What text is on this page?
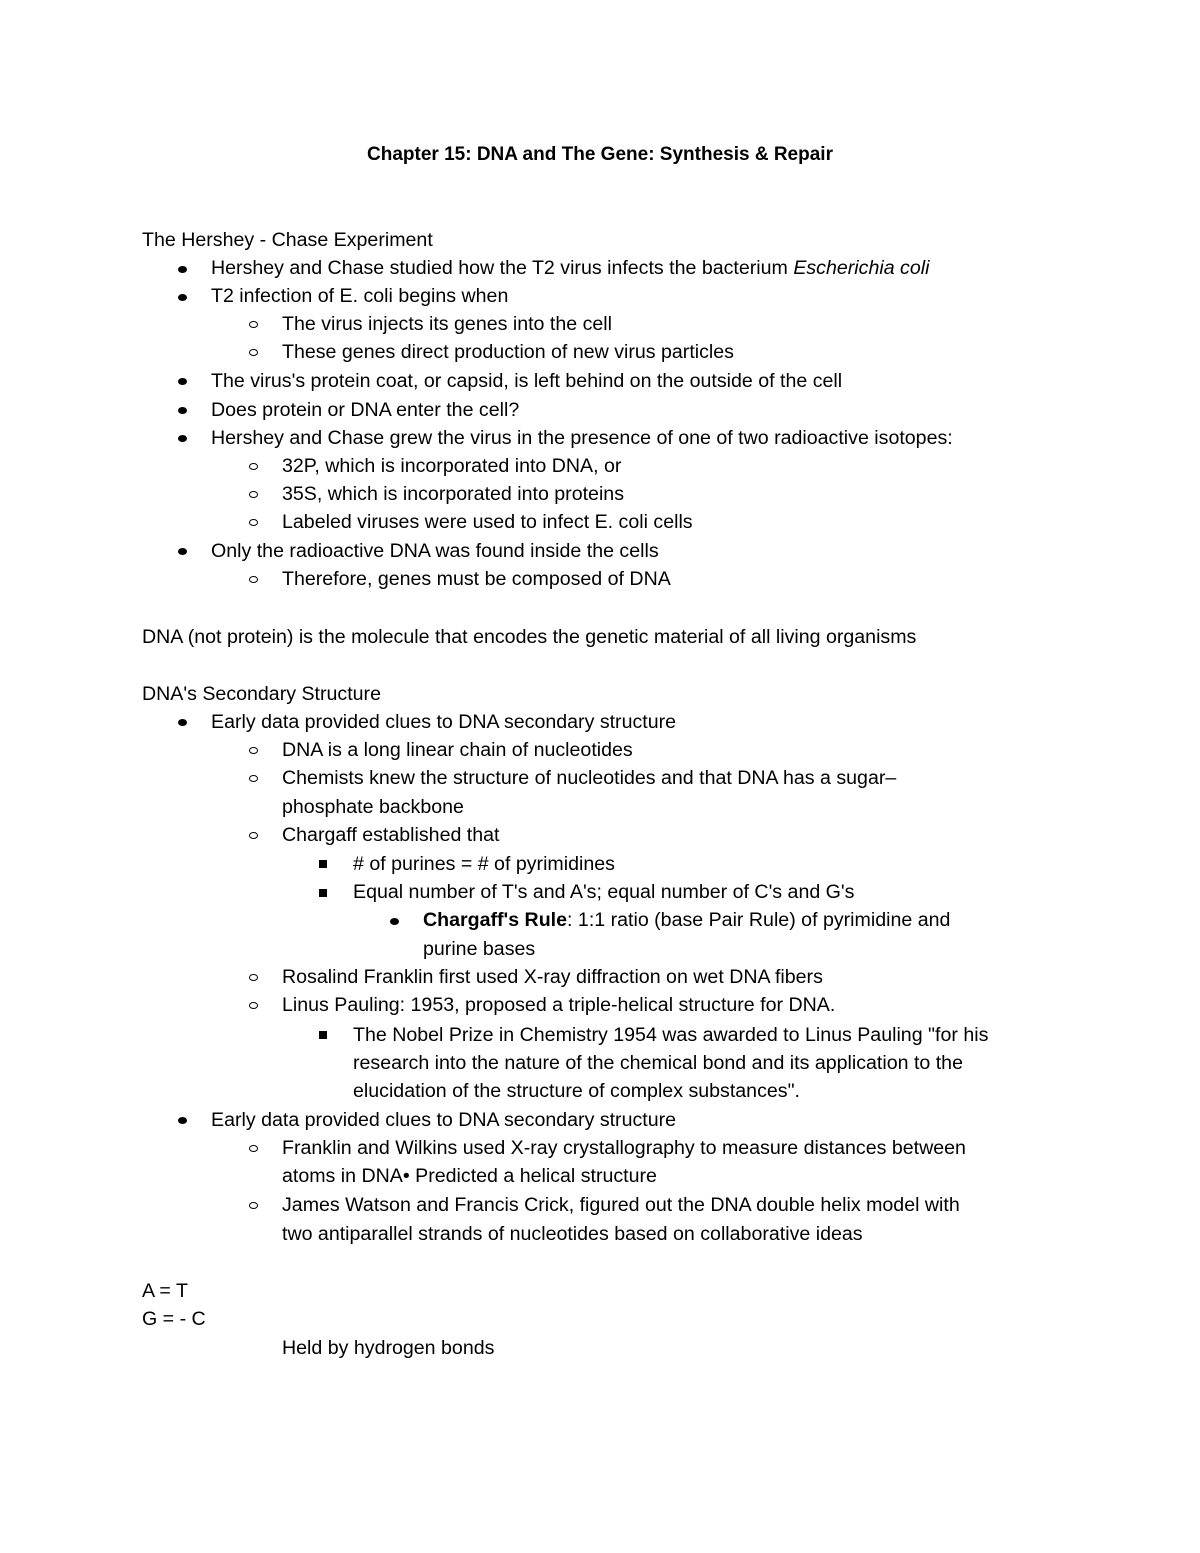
Chapter 15: DNA and The Gene: Synthesis & Repair
The Hershey - Chase Experiment
Hershey and Chase studied how the T2 virus infects the bacterium Escherichia coli
T2 infection of E. coli begins when
The virus injects its genes into the cell
These genes direct production of new virus particles
The virus's protein coat, or capsid, is left behind on the outside of the cell
Does protein or DNA enter the cell?
Hershey and Chase grew the virus in the presence of one of two radioactive isotopes:
32P, which is incorporated into DNA, or
35S, which is incorporated into proteins
Labeled viruses were used to infect E. coli cells
Only the radioactive DNA was found inside the cells
Therefore, genes must be composed of DNA
DNA (not protein) is the molecule that encodes the genetic material of all living organisms
DNA's Secondary Structure
Early data provided clues to DNA secondary structure
DNA is a long linear chain of nucleotides
Chemists knew the structure of nucleotides and that DNA has a sugar–
phosphate backbone
Chargaff established that
# of purines = # of pyrimidines
Equal number of T's and A's; equal number of C's and G's
Chargaff's Rule: 1:1 ratio (base Pair Rule) of pyrimidine and
purine bases
Rosalind Franklin first used X-ray diffraction on wet DNA fibers
Linus Pauling: 1953, proposed a triple-helical structure for DNA.
The Nobel Prize in Chemistry 1954 was awarded to Linus Pauling "for his
research into the nature of the chemical bond and its application to the
elucidation of the structure of complex substances".
Early data provided clues to DNA secondary structure
Franklin and Wilkins used X-ray crystallography to measure distances between
atoms in DNA• Predicted a helical structure
James Watson and Francis Crick, figured out the DNA double helix model with
two antiparallel strands of nucleotides based on collaborative ideas
A = T
G = - C
Held by hydrogen bonds
